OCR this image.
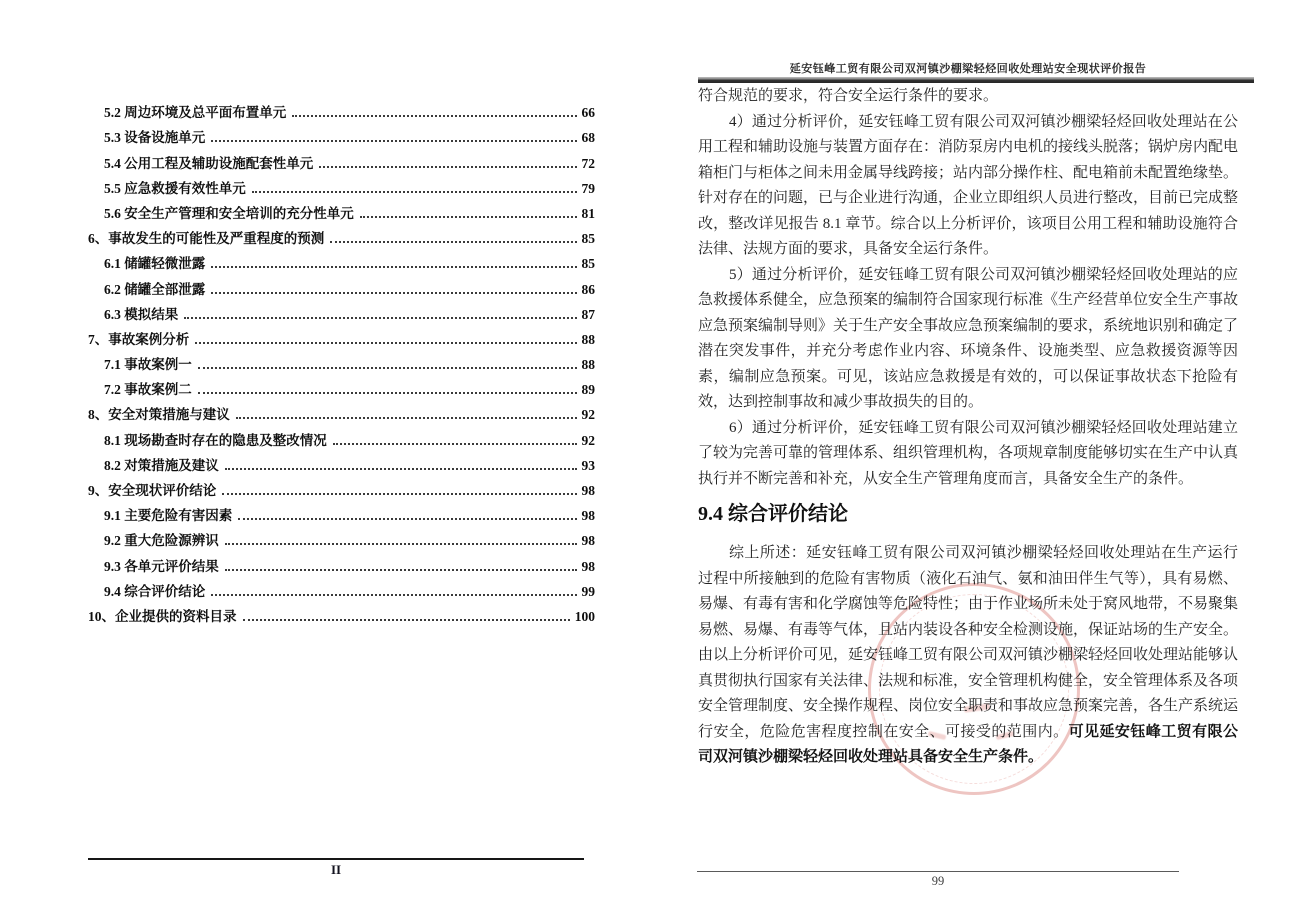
5.2 周边环境及总平面布置单元	66
5.3 设备设施单元	68
5.4 公用工程及辅助设施配套性单元	72
5.5 应急救援有效性单元	79
5.6 安全生产管理和安全培训的充分性单元	81
6、事故发生的可能性及严重程度的预测	85
6.1 储罐轻微泄露	85
6.2 储罐全部泄露	86
6.3 模拟结果	87
7、事故案例分析	88
7.1 事故案例一	88
7.2 事故案例二	89
8、安全对策措施与建议	92
8.1 现场勘查时存在的隐患及整改情况	92
8.2 对策措施及建议	93
9、安全现状评价结论	98
9.1 主要危险有害因素	98
9.2 重大危险源辨识	98
9.3 各单元评价结果	98
9.4 综合评价结论	99
10、企业提供的资料目录	100
II
延安钰峰工贸有限公司双河镇沙棚梁轻烃回收处理站安全现状评价报告

符合规范的要求，符合安全运行条件的要求。

4）通过分析评价，延安钰峰工贸有限公司双河镇沙棚梁轻烃回收处理站在公用工程和辅助设施与装置方面存在：消防泵房内电机的接线头脱落；锅炉房内配电箱柜门与柜体之间未用金属导线跨接；站内部分操作柱、配电箱前未配置绝缘垫。针对存在的问题，已与企业进行沟通，企业立即组织人员进行整改，目前已完成整改，整改详见报告 8.1 章节。综合以上分析评价，该项目公用工程和辅助设施符合法律、法规方面的要求，具备安全运行条件。

5）通过分析评价，延安钰峰工贸有限公司双河镇沙棚梁轻烃回收处理站的应急救援体系健全，应急预案的编制符合国家现行标准《生产经营单位安全生产事故应急预案编制导则》关于生产安全事故应急预案编制的要求，系统地识别和确定了潜在突发事件，并充分考虑作业内容、环境条件、设施类型、应急救援资源等因素，编制应急预案。可见，该站应急救援是有效的，可以保证事故状态下抢险有效，达到控制事故和减少事故损失的目的。

6）通过分析评价，延安钰峰工贸有限公司双河镇沙棚梁轻烃回收处理站建立了较为完善可靠的管理体系、组织管理机构，各项规章制度能够切实在生产中认真执行并不断完善和补充，从安全生产管理角度而言，具备安全生产的条件。

9.4 综合评价结论

综上所述：延安钰峰工贸有限公司双河镇沙棚梁轻烃回收处理站在生产运行过程中所接触到的危险有害物质（液化石油气、氨和油田伴生气等），具有易燃、易爆、有毒有害和化学腐蚀等危险特性；由于作业场所未处于窝风地带，不易聚集易燃、易爆、有毒等气体，且站内装设各种安全检测设施，保证站场的生产安全。由以上分析评价可见，延安钰峰工贸有限公司双河镇沙棚梁轻烃回收处理站能够认真贯彻执行国家有关法律、法规和标准，安全管理机构健全，安全管理体系及各项安全管理制度、安全操作规程、岗位安全职责和事故应急预案完善，各生产系统运行安全，危险危害程度控制在安全、可接受的范围内。可见延安钰峰工贸有限公司双河镇沙棚梁轻烃回收处理站具备安全生产条件。

99
